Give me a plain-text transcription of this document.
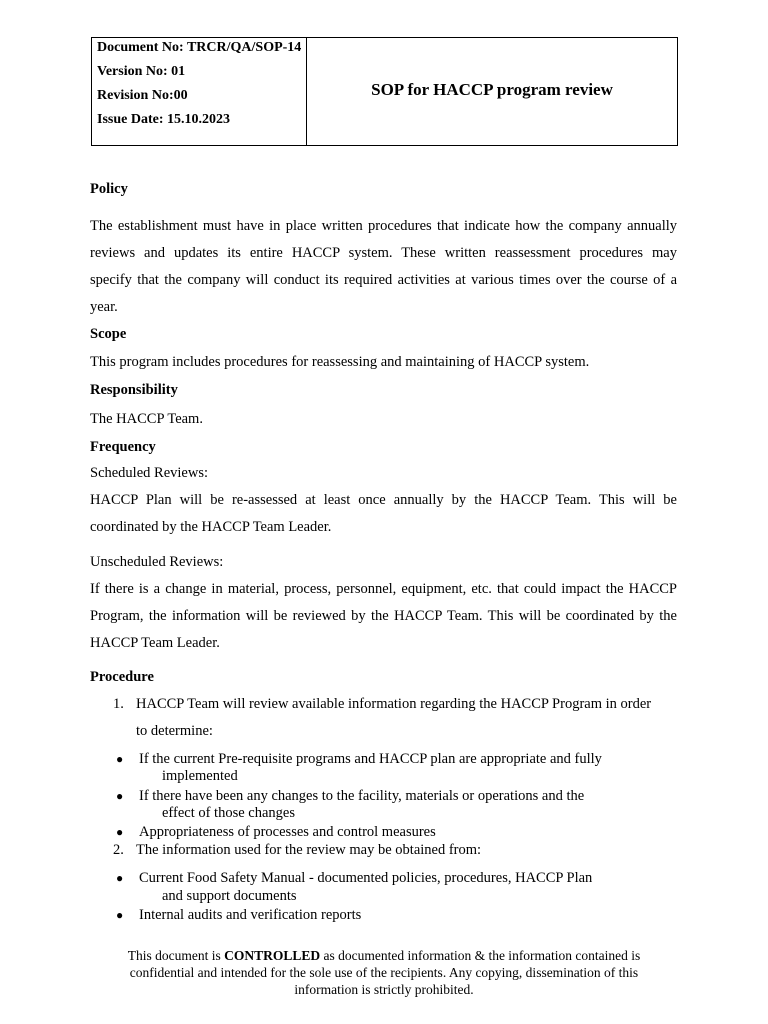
Document No: TRCR/QA/SOP-14
Version No: 01
Revision No:00
Issue Date: 15.10.2023
SOP for HACCP program review
Policy
The establishment must have in place written procedures that indicate how the company annually
reviews and updates its entire HACCP system. These written reassessment procedures may
specify that the company will conduct its required activities at various times over the course of a
year.
Scope
This program includes procedures for reassessing and maintaining of HACCP system.
Responsibility
The HACCP Team.
Frequency
Scheduled Reviews:
HACCP Plan will be re-assessed at least once annually by the HACCP Team. This will be
coordinated by the HACCP Team Leader.
Unscheduled Reviews:
If there is a change in material, process, personnel, equipment, etc. that could impact the HACCP
Program, the information will be reviewed by the HACCP Team. This will be coordinated by the
HACCP Team Leader.
Procedure
1. HACCP Team will review available information regarding the HACCP Program in order
to determine:
● If the current Pre-requisite programs and HACCP plan are appropriate and fully
implemented
● If there have been any changes to the facility, materials or operations and the
effect of those changes
● Appropriateness of processes and control measures
2. The information used for the review may be obtained from:
● Current Food Safety Manual - documented policies, procedures, HACCP Plan
and support documents
● Internal audits and verification reports
This document is CONTROLLED as documented information & the information contained is
confidential and intended for the sole use of the recipients. Any copying, dissemination of this
information is strictly prohibited.
